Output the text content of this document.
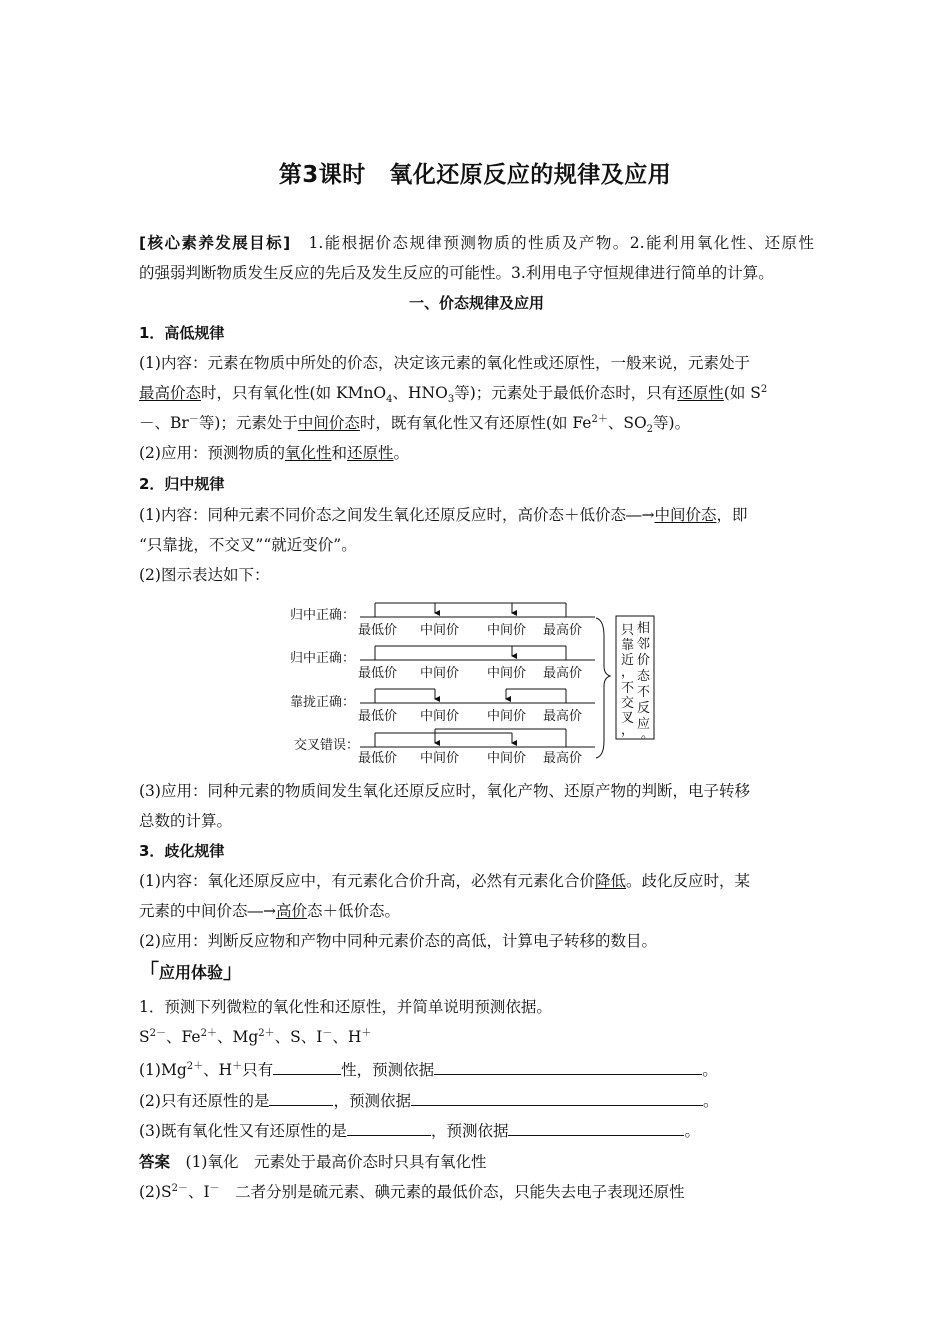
第3课时　氧化还原反应的规律及应用
[核心素养发展目标]　 1.能根据价态规律预测物质的性质及产物。2.能利用氧化性、还原性
的强弱判断物质发生反应的先后及发生反应的可能性。3.利用电子守恒规律进行简单的计算。
一、价态规律及应用
1．高低规律
(1)内容：元素在物质中所处的价态，决定该元素的氧化性或还原性，一般来说，元素处于
最高价态时，只有氧化性(如 KMnO$_4$、$HNO_3$等)；元素处于最低价态时，只有还原性(如 $S^2$
－、Br－等)；元素处于中间价态时，既有氧化性又有还原性(如 $Fe^{2+}$、$SO_2$等)。
(2)应用：预测物质的氧化性和还原性。
2．归中规律
(1)内容：同种元素不同价态之间发生氧化还原反应时，高价态＋低价态―→中间价态，即
“只靠拢，不交叉”“就近变价”。
(2)图示表达如下：
归中正确：
最低价 中间价 中间价 最高价
归中正确：
最低价 中间价 中间价 最高价
靠拢正确：
最低价 中间价 中间价 最高价
交叉错误：
最低价 中间价 中间价 最高价
只
靠
近
，
不
交
叉
，
相
邻
价
态
不
反
应
。
(3)应用：同种元素的物质间发生氧化还原反应时，氧化产物、还原产物的判断，电子转移
总数的计算。
3．歧化规律
(1)内容：氧化还原反应中，有元素化合价升高，必然有元素化合价降低。歧化反应时，某
元素的中间价态―→高价态＋低价态。
(2)应用：判断反应物和产物中同种元素价态的高低，计算电子转移的数目。
「应用体验」
1．预测下列微粒的氧化性和还原性，并简单说明预测依据。
$S^{2-}$、$Fe^{2+}$、$Mg^{2+}$、S、I－、H＋
$(1)Mg^{2+}$、H＋只有	性，预测依据	。
(2)只有还原性的是	，预测依据	。
(3)既有氧化性又有还原性的是	，预测依据	。
答案　(1)氧化　元素处于最高价态时只具有氧化性
$(2)S^{2-}$、I－　二者分别是硫元素、碘元素的最低价态，只能失去电子表现还原性
